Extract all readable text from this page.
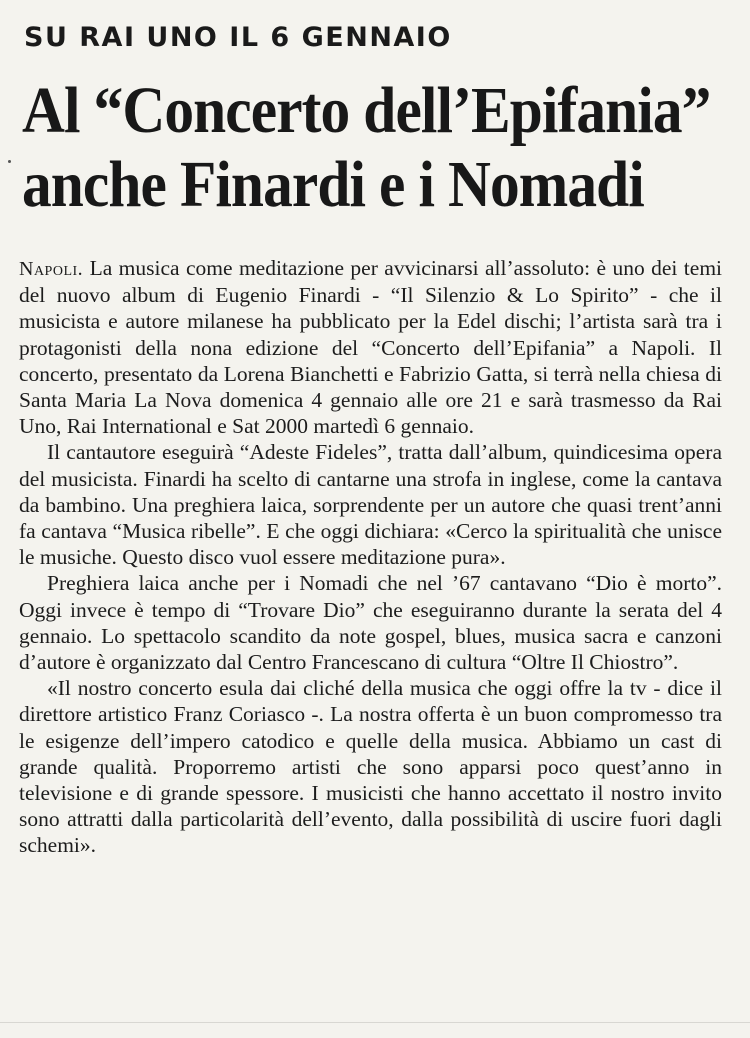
SU RAI UNO IL 6 GENNAIO
Al “Concerto dell’Epifania”
anche Finardi e i Nomadi

Napoli. La musica come meditazione per avvicinarsi all’assoluto: è uno dei temi del nuovo album di Eugenio Finardi - “Il Silenzio & Lo Spirito” - che il musicista e autore milanese ha pubblicato per la Edel dischi; l’artista sarà tra i protagonisti della nona edizione del “Concerto dell’Epifania” a Napoli. Il concerto, presentato da Lorena Bianchetti e Fabrizio Gatta, si terrà nella chiesa di Santa Maria La Nova domenica 4 gennaio alle ore 21 e sarà trasmesso da Rai Uno, Rai International e Sat 2000 martedì 6 gennaio.

Il cantautore eseguirà “Adeste Fideles”, tratta dall’album, quindicesima opera del musicista. Finardi ha scelto di cantarne una strofa in inglese, come la cantava da bambino. Una preghiera laica, sorprendente per un autore che quasi trent’anni fa cantava “Musica ribelle”. E che oggi dichiara: «Cerco la spiritualità che unisce le musiche. Questo disco vuol essere meditazione pura».

Preghiera laica anche per i Nomadi che nel ’67 cantavano “Dio è morto”. Oggi invece è tempo di “Trovare Dio” che eseguiranno durante la serata del 4 gennaio. Lo spettacolo scandito da note gospel, blues, musica sacra e canzoni d’autore è organizzato dal Centro Francescano di cultura “Oltre Il Chiostro”.

«Il nostro concerto esula dai cliché della musica che oggi offre la tv - dice il direttore artistico Franz Coriasco -. La nostra offerta è un buon compromesso tra le esigenze dell’impero catodico e quelle della musica. Abbiamo un cast di grande qualità. Proporremo artisti che sono apparsi poco quest’anno in televisione e di grande spessore. I musicisti che hanno accettato il nostro invito sono attratti dalla particolarità dell’evento, dalla possibilità di uscire fuori dagli schemi».
